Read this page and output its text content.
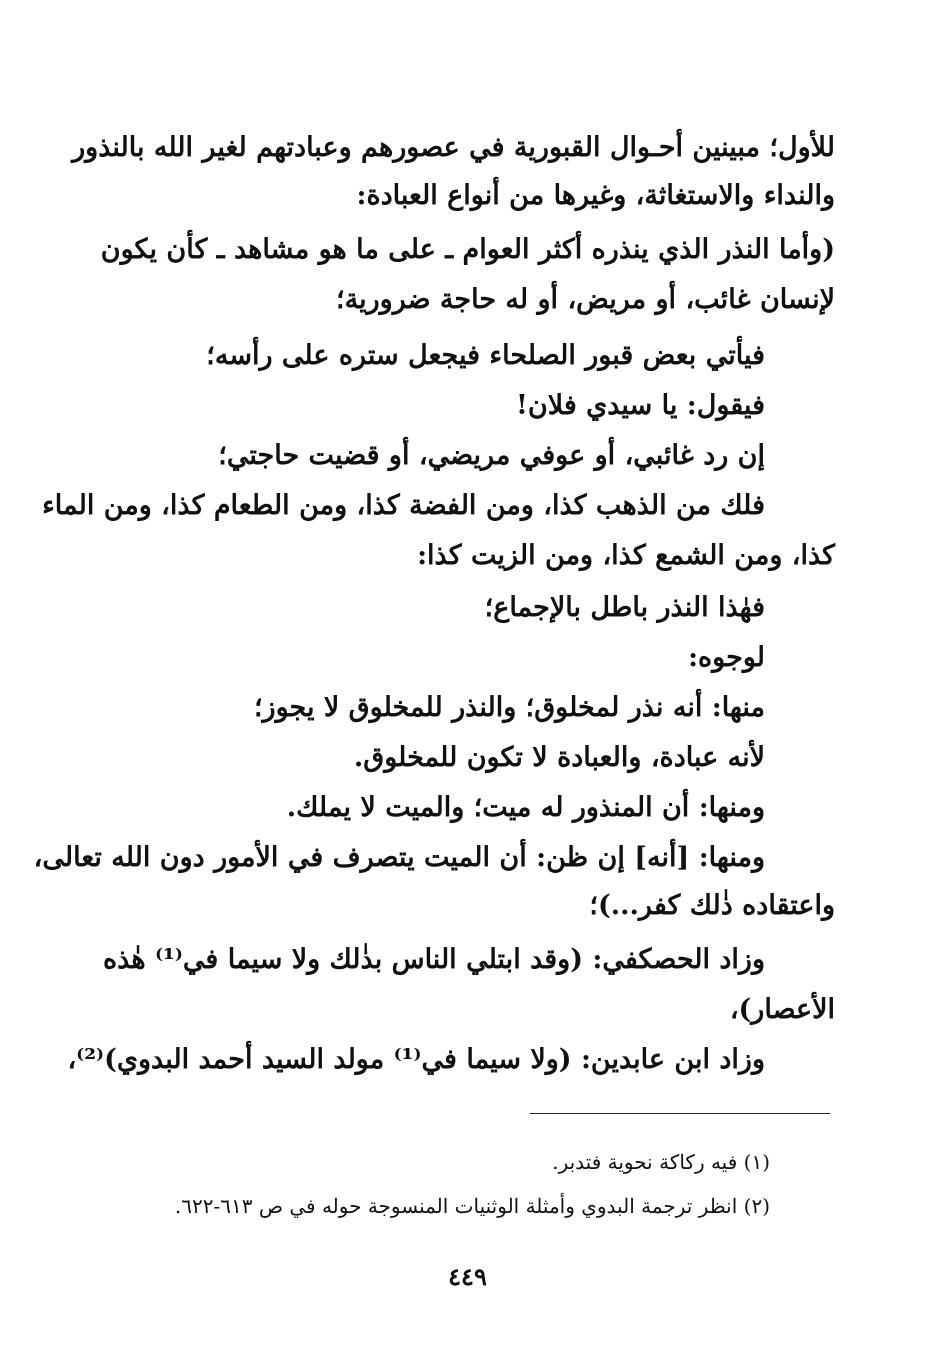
للأول؛ مبينين أحـوال القبورية في عصورهم وعبادتهم لغير الله بالنذور
والنداء والاستغاثة، وغيرها من أنواع العبادة:
(وأما النذر الذي ينذره أكثر العوام ـ على ما هو مشاهد ـ كأن يكون
لإنسان غائب، أو مريض، أو له حاجة ضرورية؛
فيأتي بعض قبور الصلحاء فيجعل ستره على رأسه؛
فيقول: يا سيدي فلان!
إن رد غائبي، أو عوفي مريضي، أو قضيت حاجتي؛
فلك من الذهب كذا، ومن الفضة كذا، ومن الطعام كذا، ومن الماء
كذا، ومن الشمع كذا، ومن الزيت كذا:
فهٰذا النذر باطل بالإجماع؛
لوجوه:
منها: أنه نذر لمخلوق؛ والنذر للمخلوق لا يجوز؛
لأنه عبادة، والعبادة لا تكون للمخلوق.
ومنها: أن المنذور له ميت؛ والميت لا يملك.
ومنها: [أنه] إن ظن: أن الميت يتصرف في الأمور دون الله تعالى،
واعتقاده ذٰلك كفر...)؛
وزاد الحصكفي: (وقد ابتلي الناس بذٰلك ولا سيما في⁽¹⁾ هٰذه
الأعصار)،
وزاد ابن عابدين: (ولا سيما في⁽¹⁾ مولد السيد أحمد البدوي)⁽²⁾،
(١) فيه ركاكة نحوية فتدبر.
(٢) انظر ترجمة البدوي وأمثلة الوثنيات المنسوجة حوله في ص ٦١٣-٦٢٢.
٤٤٩
